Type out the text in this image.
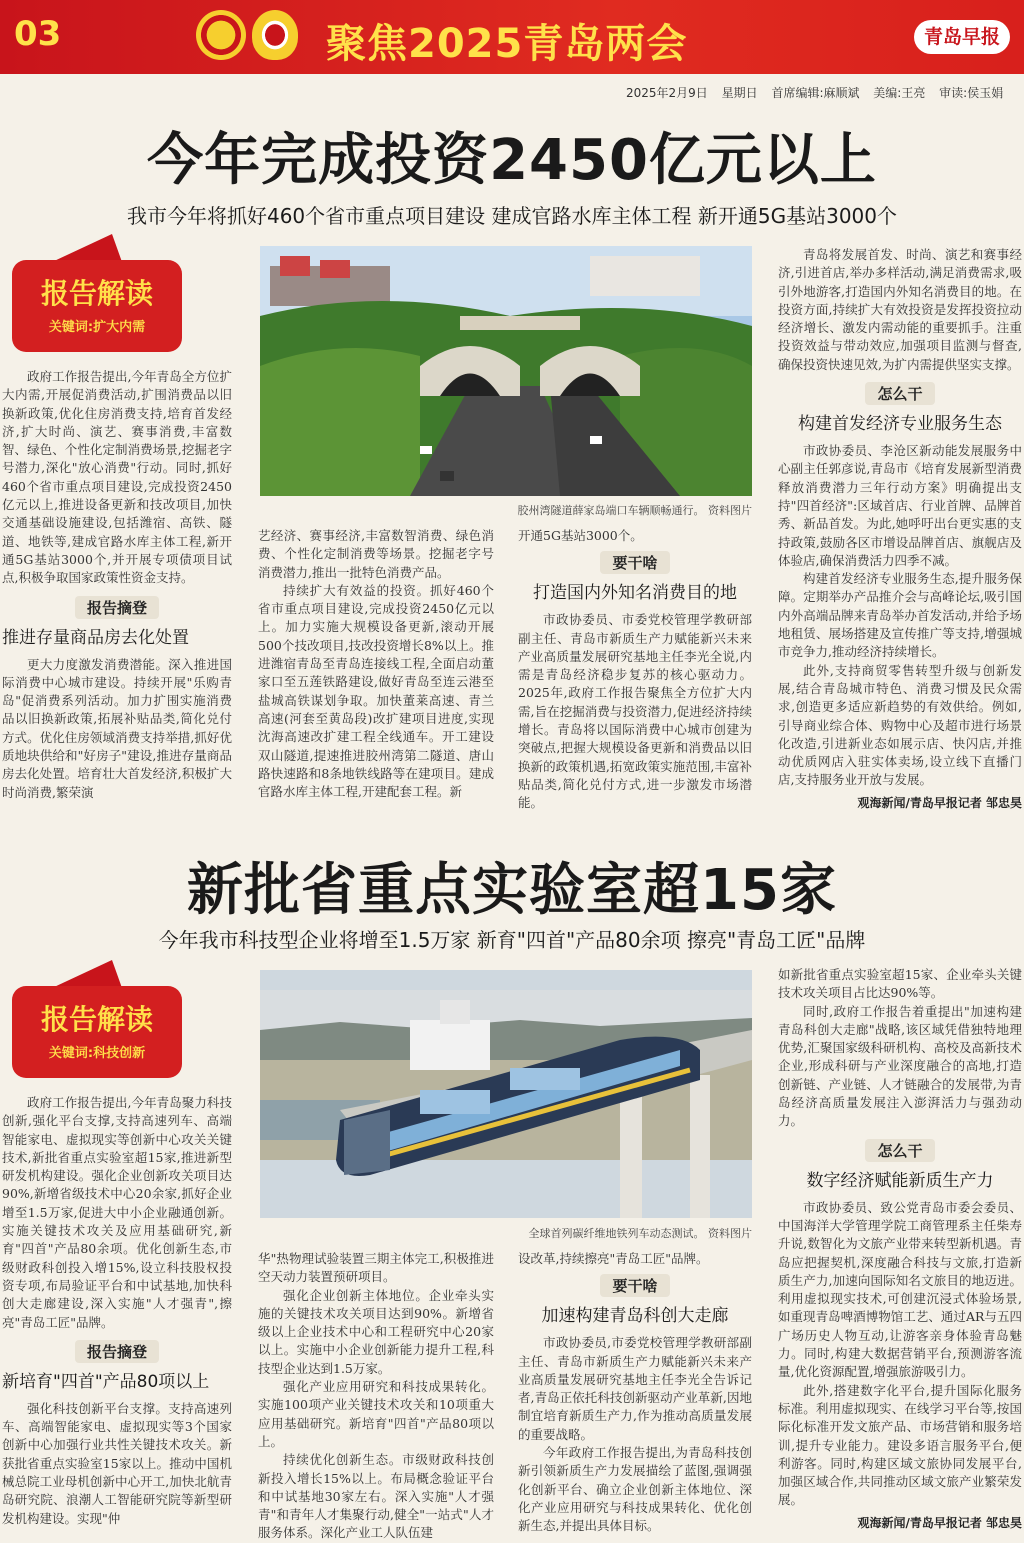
03	聚焦2025青岛两会	青岛早报
2025年2月9日 星期日 首席编辑:麻顺斌 美编:王亮 审读:侯玉娟
今年完成投资2450亿元以上
我市今年将抓好460个省市重点项目建设 建成官路水库主体工程 新开通5G基站3000个
报告解读
关键词:扩大内需

政府工作报告提出,今年青岛全方位扩大内需,开展促消费活动,扩围消费品以旧换新政策,优化住房消费支持,培育首发经济,扩大时尚、演艺、赛事消费,丰富数智、绿色、个性化定制消费场景,挖掘老字号潜力,深化"放心消费"行动。同时,抓好460个省市重点项目建设,完成投资2450亿元以上,推进设备更新和技改项目,加快交通基础设施建设,包括潍宿、高铁、隧道、地铁等,建成官路水库主体工程,新开通5G基站3000个,并开展专项债项目试点,积极争取国家政策性资金支持。

报告摘登
推进存量商品房去化处置

更大力度激发消费潜能。深入推进国际消费中心城市建设。持续开展"乐购青岛"促消费系列活动。加力扩围实施消费品以旧换新政策,拓展补贴品类,简化兑付方式。优化住房领域消费支持举措,抓好优质地块供给和"好房子"建设,推进存量商品房去化处置。培育壮大首发经济,积极扩大时尚消费,繁荣演

胶州湾隧道薛家岛端口车辆顺畅通行。 资料图片
艺经济、赛事经济,丰富数智消费、绿色消费、个性化定制消费等场景。挖掘老字号消费潜力,推出一批特色消费产品。

持续扩大有效益的投资。抓好460个省市重点项目建设,完成投资2450亿元以上。加力实施大规模设备更新,滚动开展500个技改项目,技改投资增长8%以上。推进潍宿青岛至青岛连接线工程,全面启动董家口至五莲铁路建设,做好青岛至连云港至盐城高铁谋划争取。加快董莱高速、青兰高速(河套至黄岛段)改扩建项目进度,实现沈海高速改扩建工程全线通车。开工建设双山隧道,提速推进胶州湾第二隧道、唐山路快速路和8条地铁线路等在建项目。建成官路水库主体工程,开建配套工程。新

开通5G基站3000个。
要干啥
打造国内外知名消费目的地

市政协委员、市委党校管理学教研部副主任、青岛市新质生产力赋能新兴未来产业高质量发展研究基地主任李光全说,内需是青岛经济稳步复苏的核心驱动力。2025年,政府工作报告聚焦全方位扩大内需,旨在挖掘消费与投资潜力,促进经济持续增长。青岛将以国际消费中心城市创建为突破点,把握大规模设备更新和消费品以旧换新的政策机遇,拓宽政策实施范围,丰富补贴品类,简化兑付方式,进一步激发市场潜能。

青岛将发展首发、时尚、演艺和赛事经济,引进首店,举办多样活动,满足消费需求,吸引外地游客,打造国内外知名消费目的地。在投资方面,持续扩大有效投资是发挥投资拉动经济增长、激发内需动能的重要抓手。注重投资效益与带动效应,加强项目监测与督查,确保投资快速见效,为扩内需提供坚实支撑。

怎么干
构建首发经济专业服务生态

市政协委员、李沧区新动能发展服务中心副主任郭彦说,青岛市《培育发展新型消费释放消费潜力三年行动方案》明确提出支持"四首经济":区域首店、行业首牌、品牌首秀、新品首发。为此,她呼吁出台更实惠的支持政策,鼓励各区市增设品牌首店、旗舰店及体验店,确保消费活力四季不减。

构建首发经济专业服务生态,提升服务保障。定期举办产品推介会与高峰论坛,吸引国内外高端品牌来青岛举办首发活动,并给予场地租赁、展场搭建及宣传推广等支持,增强城市竞争力,推动经济持续增长。

此外,支持商贸零售转型升级与创新发展,结合青岛城市特色、消费习惯及民众需求,创造更多适应新趋势的有效供给。例如,引导商业综合体、购物中心及超市进行场景化改造,引进新业态如展示店、快闪店,并推动优质网店入驻实体卖场,设立线下直播门店,支持服务业开放与发展。

观海新闻/青岛早报记者 邹忠昊
新批省重点实验室超15家
今年我市科技型企业将增至1.5万家 新育"四首"产品80余项 擦亮"青岛工匠"品牌
报告解读
关键词:科技创新

政府工作报告提出,今年青岛聚力科技创新,强化平台支撑,支持高速列车、高端智能家电、虚拟现实等创新中心攻关关键技术,新批省重点实验室超15家,推进新型研发机构建设。强化企业创新攻关项目达90%,新增省级技术中心20余家,抓好企业增至1.5万家,促进大中小企业融通创新。实施关键技术攻关及应用基础研究,新育"四首"产品80余项。优化创新生态,市级财政科创投入增15%,设立科技股权投资专项,布局验证平台和中试基地,加快科创大走廊建设,深入实施"人才强青",擦亮"青岛工匠"品牌。

报告摘登
新培育"四首"产品80项以上

强化科技创新平台支撑。支持高速列车、高端智能家电、虚拟现实等3个国家创新中心加强行业共性关键技术攻关。新获批省重点实验室15家以上。推动中国机械总院工业母机创新中心开工,加快北航青岛研究院、浪潮人工智能研究院等新型研发机构建设。实现"仲

全球首列碳纤维地铁列车动态测试。 资料图片
华"热物理试验装置三期主体完工,积极推进空天动力装置预研项目。

强化企业创新主体地位。企业牵头实施的关键技术攻关项目达到90%。新增省级以上企业技术中心和工程研究中心20家以上。实施中小企业创新能力提升工程,科技型企业达到1.5万家。

强化产业应用研究和科技成果转化。实施100项产业关键技术攻关和10项重大应用基础研究。新培育"四首"产品80项以上。

持续优化创新生态。市级财政科技创新投入增长15%以上。布局概念验证平台和中试基地30家左右。深入实施"人才强青"和青年人才集聚行动,健全"一站式"人才服务体系。深化产业工人队伍建

设改革,持续擦亮"青岛工匠"品牌。
要干啥
加速构建青岛科创大走廊

市政协委员,市委党校管理学教研部副主任、青岛市新质生产力赋能新兴未来产业高质量发展研究基地主任李光全告诉记者,青岛正依托科技创新驱动产业革新,因地制宜培育新质生产力,作为推动高质量发展的重要战略。

今年政府工作报告提出,为青岛科技创新引领新质生产力发展描绘了蓝图,强调强化创新平台、确立企业创新主体地位、深化产业应用研究与科技成果转化、优化创新生态,并提出具体目标。

如新批省重点实验室超15家、企业牵头关键技术攻关项目占比达90%等。

同时,政府工作报告着重提出"加速构建青岛科创大走廊"战略,该区域凭借独特地理优势,汇聚国家级科研机构、高校及高新技术企业,形成科研与产业深度融合的高地,打造创新链、产业链、人才链融合的发展带,为青岛经济高质量发展注入澎湃活力与强劲动力。

怎么干
数字经济赋能新质生产力

市政协委员、致公党青岛市委会委员、中国海洋大学管理学院工商管理系主任柴寿升说,数智化为文旅产业带来转型新机遇。青岛应把握契机,深度融合科技与文旅,打造新质生产力,加速向国际知名文旅目的地迈进。利用虚拟现实技术,可创建沉浸式体验场景,如重现青岛啤酒博物馆工艺、通过AR与五四广场历史人物互动,让游客亲身体验青岛魅力。同时,构建大数据营销平台,预测游客流量,优化资源配置,增强旅游吸引力。

此外,搭建数字化平台,提升国际化服务标准。利用虚拟现实、在线学习平台等,按国际化标准开发文旅产品、市场营销和服务培训,提升专业能力。建设多语言服务平台,便利游客。同时,构建区域文旅协同发展平台,加强区域合作,共同推动区域文旅产业繁荣发展。

观海新闻/青岛早报记者 邹忠昊
